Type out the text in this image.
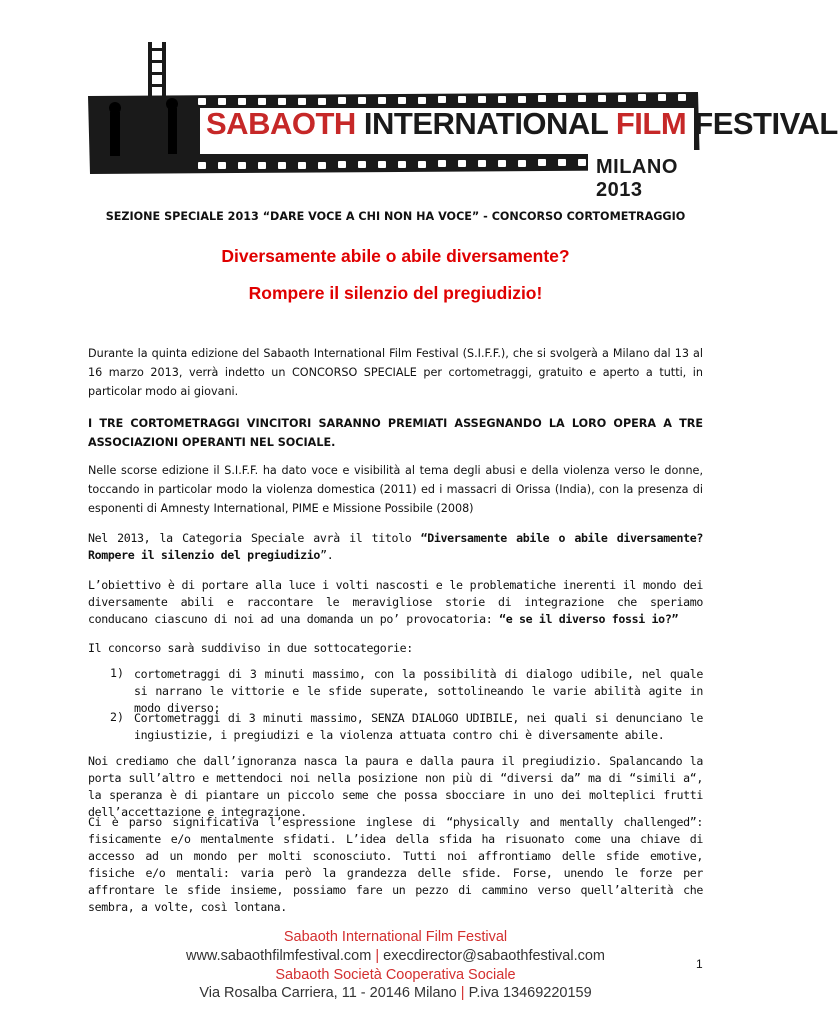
SABAOTH INTERNATIONAL FILM FESTIVAL
MILANO 2013
SEZIONE SPECIALE 2013 “DARE VOCE A CHI NON HA VOCE” - CONCORSO CORTOMETRAGGIO
Diversamente abile o abile diversamente?
Rompere il silenzio del pregiudizio!
Durante la quinta edizione del Sabaoth International Film Festival (S.I.F.F.), che si svolgerà a Milano dal 13 al 16 marzo 2013, verrà indetto un CONCORSO SPECIALE per cortometraggi, gratuito e aperto a tutti, in particolar modo ai giovani.
I TRE CORTOMETRAGGI VINCITORI SARANNO PREMIATI ASSEGNANDO LA LORO OPERA A TRE ASSOCIAZIONI OPERANTI NEL SOCIALE.
Nelle scorse edizione il S.I.F.F. ha dato voce e visibilità al tema degli abusi e della violenza verso le donne, toccando in particolar modo la violenza domestica (2011) ed i massacri di Orissa (India), con la presenza di esponenti di Amnesty International, PIME e Missione Possibile (2008)
Nel 2013, la Categoria Speciale avrà il titolo “Diversamente abile o abile diversamente? Rompere il silenzio del pregiudizio”.
L’obiettivo è di portare alla luce i volti nascosti e le problematiche inerenti il mondo dei diversamente abili e raccontare le meravigliose storie di integrazione che speriamo conducano ciascuno di noi ad una domanda un po’ provocatoria: “e se il diverso fossi io?”
Il concorso sarà suddiviso in due sottocategorie:
1) cortometraggi di 3 minuti massimo, con la possibilità di dialogo udibile, nel quale si narrano le vittorie e le sfide superate, sottolineando le varie abilità agite in modo diverso;
2) Cortometraggi di 3 minuti massimo, SENZA DIALOGO UDIBILE, nei quali si denunciano le ingiustizie, i pregiudizi e la violenza attuata contro chi è diversamente abile.
Noi crediamo che dall’ignoranza nasca la paura e dalla paura il pregiudizio. Spalancando la porta sull’altro e mettendoci noi nella posizione non più di “diversi da” ma di “simili a“, la speranza è di piantare un piccolo seme che possa sbocciare in uno dei molteplici frutti dell’accettazione e integrazione.
Ci è parso significativa l’espressione inglese di “physically and mentally challenged”: fisicamente e/o mentalmente sfidati. L’idea della sfida ha risuonato come una chiave di accesso ad un mondo per molti sconosciuto. Tutti noi affrontiamo delle sfide emotive, fisiche e/o mentali: varia però la grandezza delle sfide. Forse, unendo le forze per affrontare le sfide insieme, possiamo fare un pezzo di cammino verso quell’alterità che sembra, a volte, così lontana.
Sabaoth International Film Festival
www.sabaothfilmfestival.com | execdirector@sabaothfestival.com
Sabaoth Società Cooperativa Sociale
Via Rosalba Carriera, 11 - 20146 Milano | P.iva 13469220159
1
